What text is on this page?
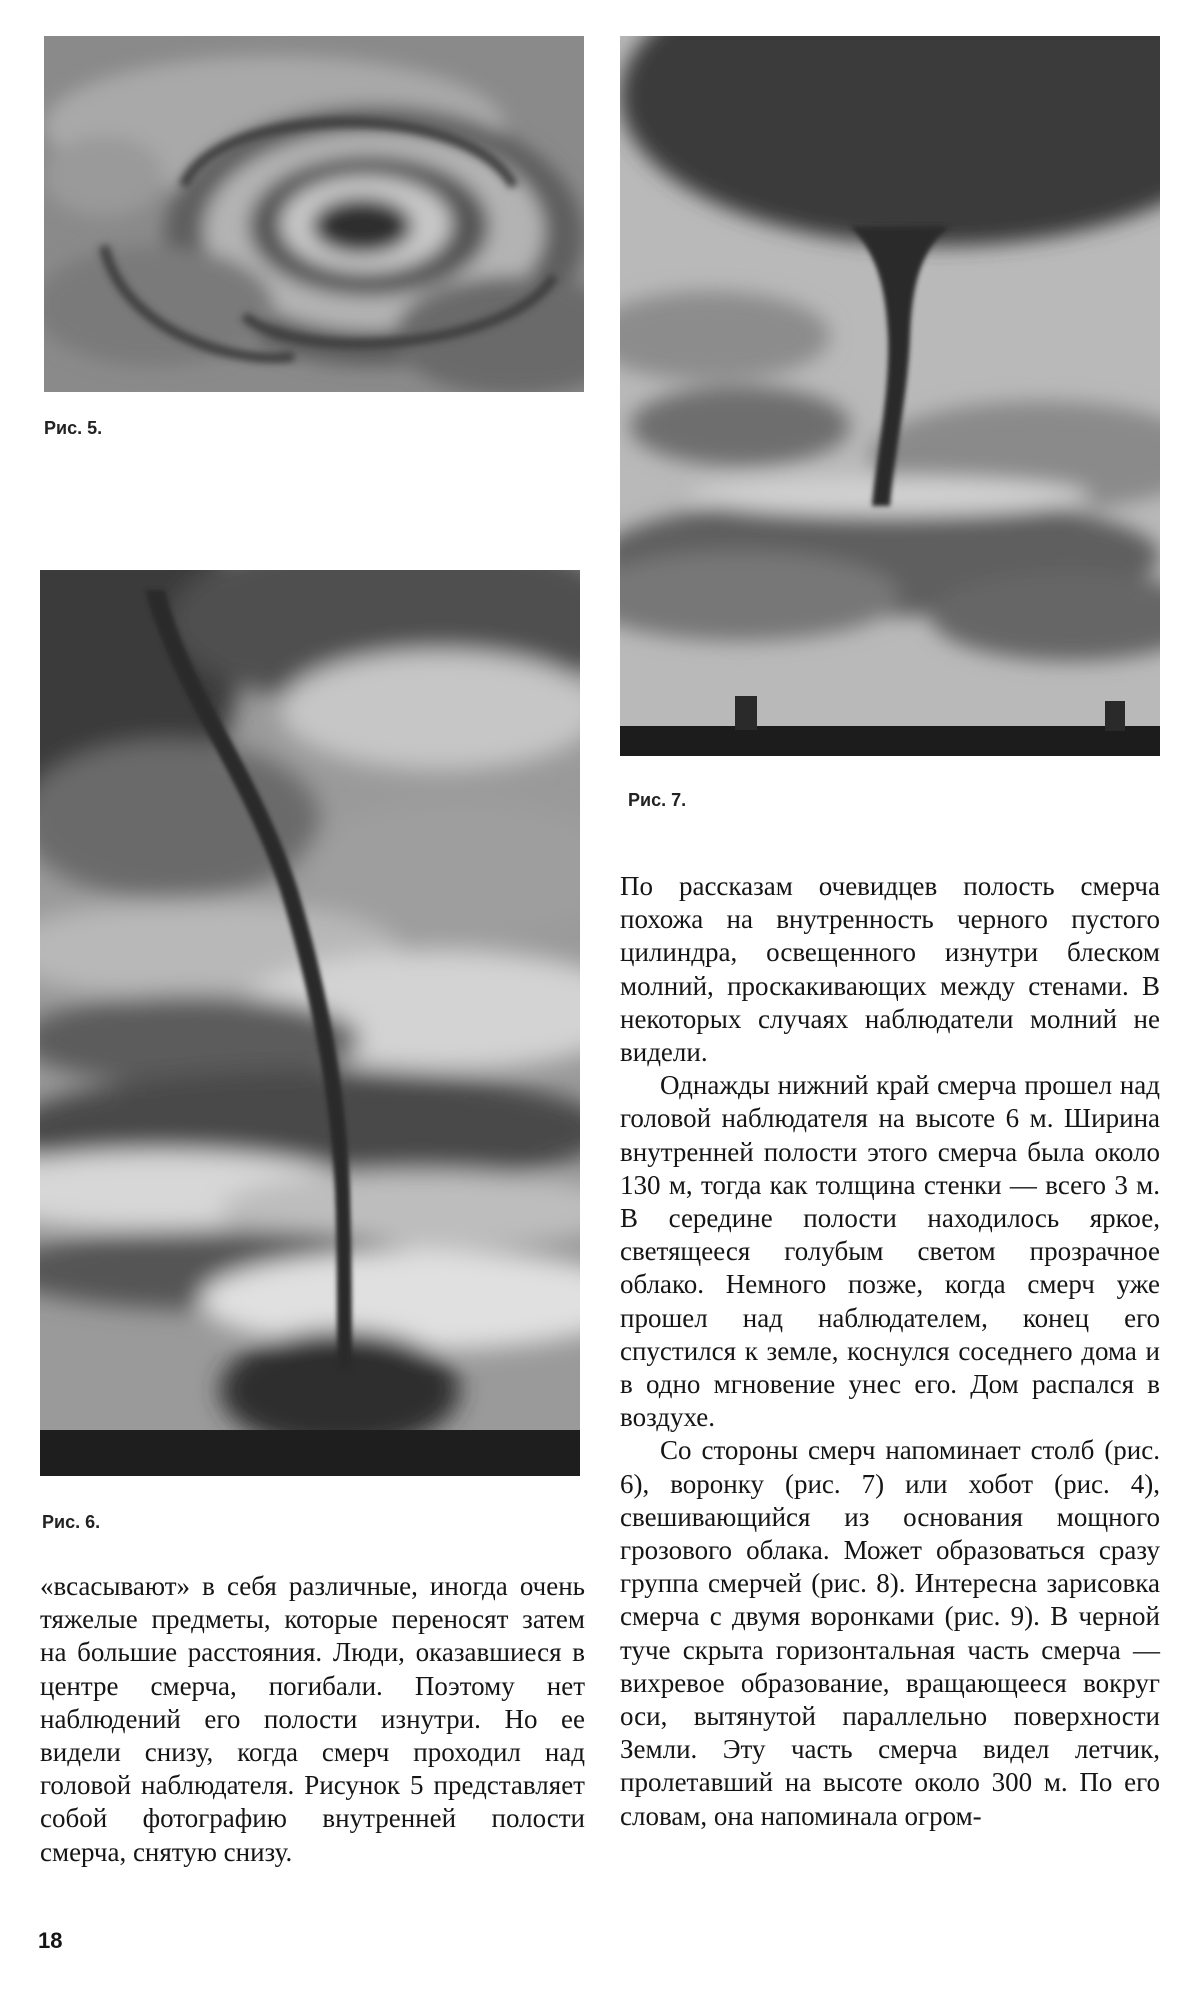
Рис. 5.
Рис. 7.
Рис. 6.

«всасывают» в себя различные, иногда очень тяжелые предметы, которые переносят затем на большие расстояния. Люди, оказавшиеся в центре смерча, погибали. Поэтому нет наблюдений его полости изнутри. Но ее видели снизу, когда смерч проходил над головой наблюдателя. Рисунок 5 представляет собой фотографию внутренней полости смерча, снятую снизу.

По рассказам очевидцев полость смерча похожа на внутренность черного пустого цилиндра, освещенного изнутри блеском молний, проскакивающих между стенами. В некоторых случаях наблюдатели молний не видели.

Однажды нижний край смерча прошел над головой наблюдателя на высоте 6 м. Ширина внутренней полости этого смерча была около 130 м, тогда как толщина стенки — всего 3 м. В середине полости находилось яркое, светящееся голубым светом прозрачное облако. Немного позже, когда смерч уже прошел над наблюдателем, конец его спустился к земле, коснулся соседнего дома и в одно мгновение унес его. Дом распался в воздухе.

Со стороны смерч напоминает столб (рис. 6), воронку (рис. 7) или хобот (рис. 4), свешивающийся из основания мощного грозового облака. Может образоваться сразу группа смерчей (рис. 8). Интересна зарисовка смерча с двумя воронками (рис. 9). В черной туче скрыта горизонтальная часть смерча — вихревое образование, вращающееся вокруг оси, вытянутой параллельно поверхности Земли. Эту часть смерча видел летчик, пролетавший на высоте около 300 м. По его словам, она напоминала огром-

18
